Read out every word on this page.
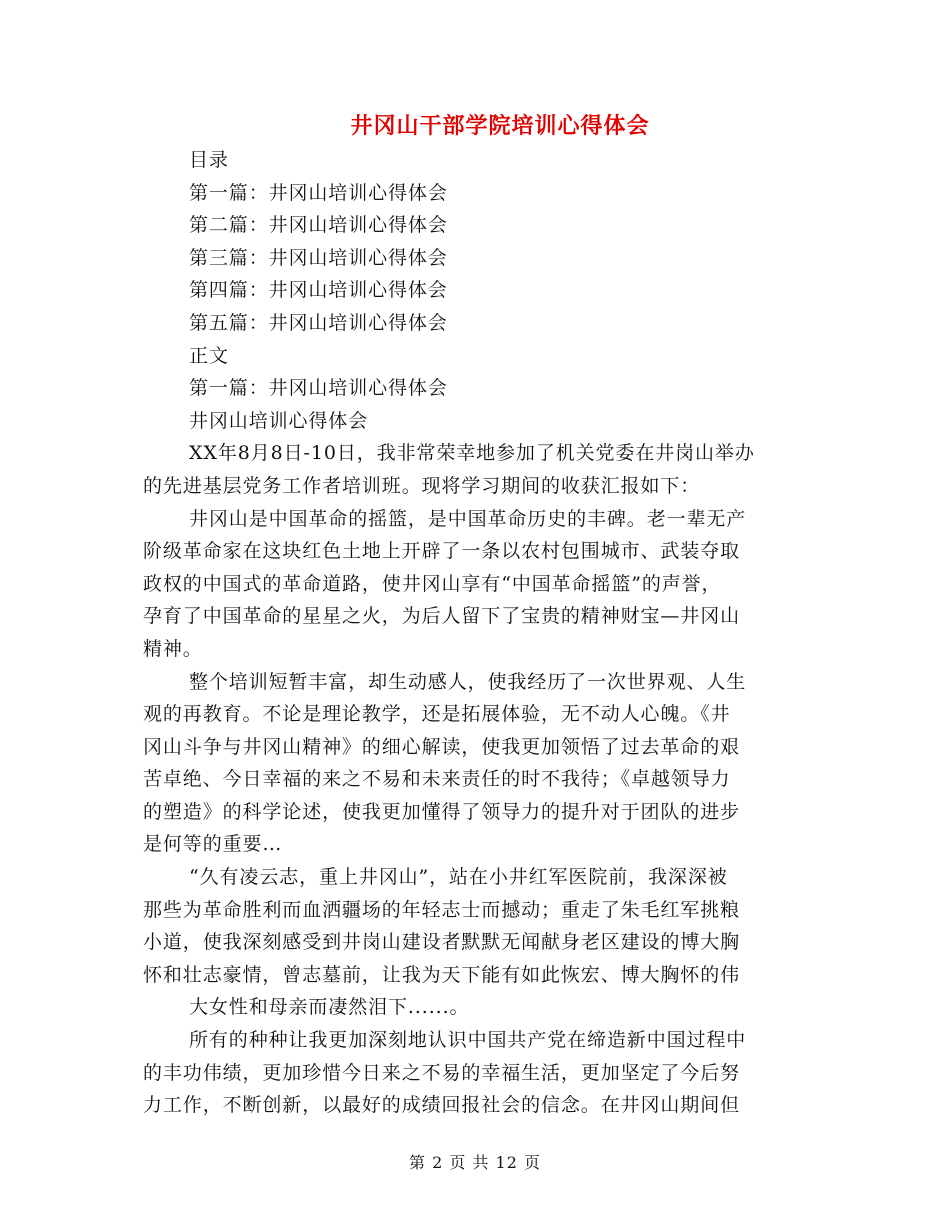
井冈山干部学院培训心得体会
目录
第一篇：井冈山培训心得体会
第二篇：井冈山培训心得体会
第三篇：井冈山培训心得体会
第四篇：井冈山培训心得体会
第五篇：井冈山培训心得体会
正文
第一篇：井冈山培训心得体会
井冈山培训心得体会
XX年8月8日-10日，我非常荣幸地参加了机关党委在井岗山举办
的先进基层党务工作者培训班。现将学习期间的收获汇报如下：
井冈山是中国革命的摇篮，是中国革命历史的丰碑。老一辈无产
阶级革命家在这块红色土地上开辟了一条以农村包围城市、武装夺取
政权的中国式的革命道路，使井冈山享有“中国革命摇篮”的声誉，
孕育了中国革命的星星之火，为后人留下了宝贵的精神财宝—井冈山
精神。
整个培训短暂丰富，却生动感人，使我经历了一次世界观、人生
观的再教育。不论是理论教学，还是拓展体验，无不动人心魄。《井
冈山斗争与井冈山精神》的细心解读，使我更加领悟了过去革命的艰
苦卓绝、今日幸福的来之不易和未来责任的时不我待；《卓越领导力
的塑造》的科学论述，使我更加懂得了领导力的提升对于团队的进步
是何等的重要…
“久有凌云志，重上井冈山”，站在小井红军医院前，我深深被
那些为革命胜利而血洒疆场的年轻志士而撼动；重走了朱毛红军挑粮
小道，使我深刻感受到井岗山建设者默默无闻献身老区建设的博大胸
怀和壮志豪情，曾志墓前，让我为天下能有如此恢宏、博大胸怀的伟
大女性和母亲而凄然泪下......。
所有的种种让我更加深刻地认识中国共产党在缔造新中国过程中
的丰功伟绩，更加珍惜今日来之不易的幸福生活，更加坚定了今后努
力工作，不断创新，以最好的成绩回报社会的信念。在井冈山期间但
第 2 页 共 12 页
